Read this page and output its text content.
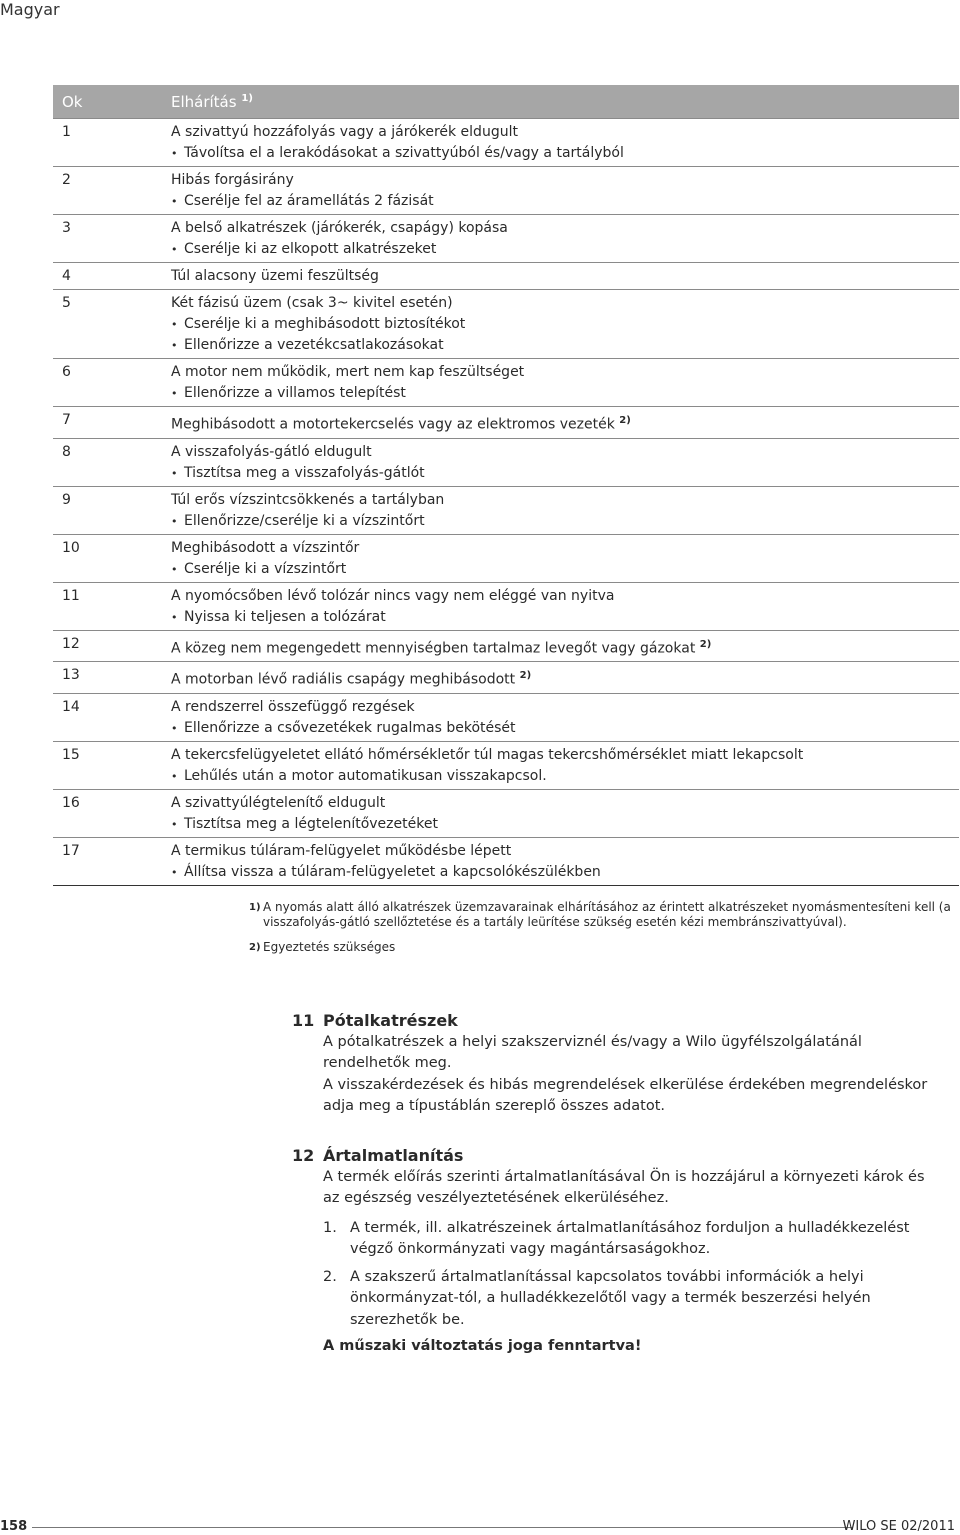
Magyar
Ok	Elhárítás $^{1)}$
1	A szivattyú hozzáfolyás vagy a járókerék eldugult
• Távolítsa el a lerakódásokat a szivattyúból és/vagy a tartályból
2	Hibás forgásirány
• Cserélje fel az áramellátás 2 fázisát
3	A belső alkatrészek (járókerék, csapágy) kopása
• Cserélje ki az elkopott alkatrészeket
4	Túl alacsony üzemi feszültség
5	Két fázisú üzem (csak 3~ kivitel esetén)
• Cserélje ki a meghibásodott biztosítékot
• Ellenőrizze a vezetékcsatlakozásokat
6	A motor nem működik, mert nem kap feszültséget
• Ellenőrizze a villamos telepítést
7	Meghibásodott a motortekercselés vagy az elektromos vezeték $^{2)}$
8	A visszafolyás-gátló eldugult
• Tisztítsa meg a visszafolyás-gátlót
9	Túl erős vízszintcsökkenés a tartályban
• Ellenőrizze/cserélje ki a vízszintőrt
10	Meghibásodott a vízszintőr
• Cserélje ki a vízszintőrt
11	A nyomócsőben lévő tolózár nincs vagy nem eléggé van nyitva
• Nyissa ki teljesen a tolózárat
12	A közeg nem megengedett mennyiségben tartalmaz levegőt vagy gázokat $^{2)}$
13	A motorban lévő radiális csapágy meghibásodott $^{2)}$
14	A rendszerrel összefüggő rezgések
• Ellenőrizze a csővezetékek rugalmas bekötését
15	A tekercsfelügyeletet ellátó hőmérsékletőr túl magas tekercshőmérséklet miatt lekapcsolt
• Lehűlés után a motor automatikusan visszakapcsol.
16	A szivattyúlégtelenítő eldugult
• Tisztítsa meg a légtelenítővezetéket
17	A termikus túláram-felügyelet működésbe lépett
• Állítsa vissza a túláram-felügyeletet a kapcsolókészülékben
1) A nyomás alatt álló alkatrészek üzemzavarainak elhárításához az érintett alkatrészeket nyomásmentesíteni kell (a visszafolyás-gátló szellőztetése és a tartály leürítése szükség esetén kézi membránszivattyúval).
2) Egyeztetés szükséges
11 Pótalkatrészek
A pótalkatrészek a helyi szakszerviznél és/vagy a Wilo ügyfélszolgálatánál rendelhetők meg.
A visszakérdezések és hibás megrendelések elkerülése érdekében megrendeléskor adja meg a típustáblán szereplő összes adatot.
12 Ártalmatlanítás
A termék előírás szerinti ártalmatlanításával Ön is hozzájárul a környezeti károk és az egészség veszélyeztetésének elkerüléséhez.
1. A termék, ill. alkatrészeinek ártalmatlanításához forduljon a hulladékkezelést végző önkormányzati vagy magántársaságokhoz.
2. A szakszerű ártalmatlanítással kapcsolatos további információk a helyi önkormányzat-tól, a hulladékkezelőtől vagy a termék beszerzési helyén szerezhetők be.
A műszaki változtatás joga fenntartva!
158	WILO SE 02/2011
